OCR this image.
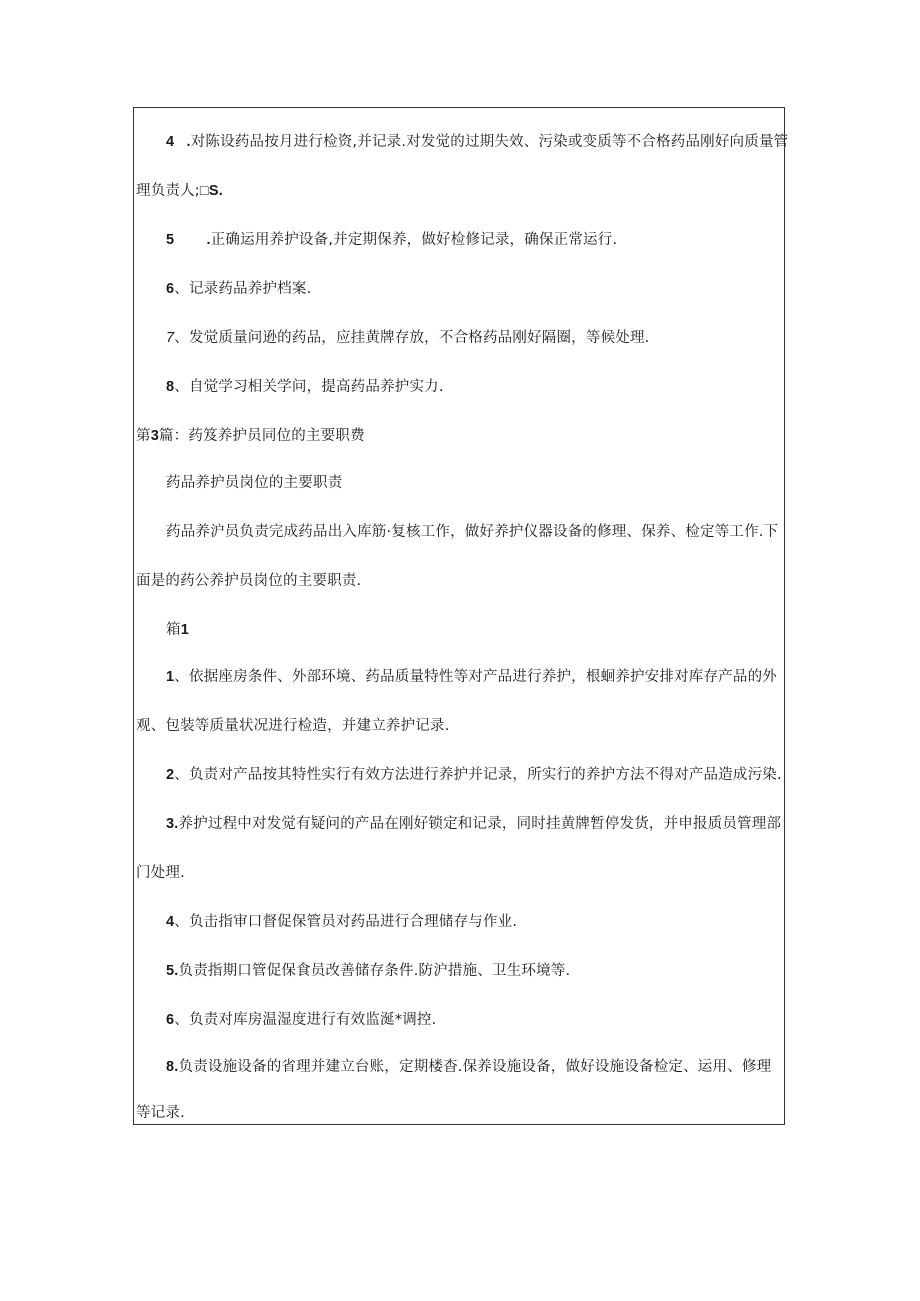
4 .对陈设药品按月进行检资,并记录.对发觉的过期失效、污染或变质等不合格药品刚好向质量管
理负责人;□S.
5 .正确运用养护设备,并定期保养，做好检修记录，确保正常运行.
6、记录药品养护档案.
7、发觉质量问逊的药品，应挂黄牌存放，不合格药品刚好隔圈，等候处理.
8、自觉学习相关学问，提高药品养护实力.
第3篇：药笈养护员同位的主要职费
药品养护员岗位的主要职责
药品养沪员负责完成药品出入库筋·复核工作，做好养护仪器设备的修理、保养、检定等工作.下
面是的药公养护员岗位的主要职责.
箱1
1、依据座房条件、外部环境、药品质量特性等对产品进行养护，根蛔养护安排对库存产品的外
观、包装等质量状况进行检造，并建立养护记录.
2、负责对产品按其特性实行有效方法进行养护并记录，所实行的养护方法不得对产品造成污染.
3.养护过程中对发觉有疑问的产品在刚好锁定和记录，同时挂黄牌暂停发货，并申报质员管理部
门处理.
4、负击指审口督促保管员对药品进行合理储存与作业.
5.负责指期口管促保食员改善储存条件.防沪措施、卫生环境等.
6、负责对库房温湿度进行有效监涎*调控.
8.负责设施设备的省理并建立台账，定期楼杳.保养设施设备，做好设施设备检定、运用、修理
等记录.
